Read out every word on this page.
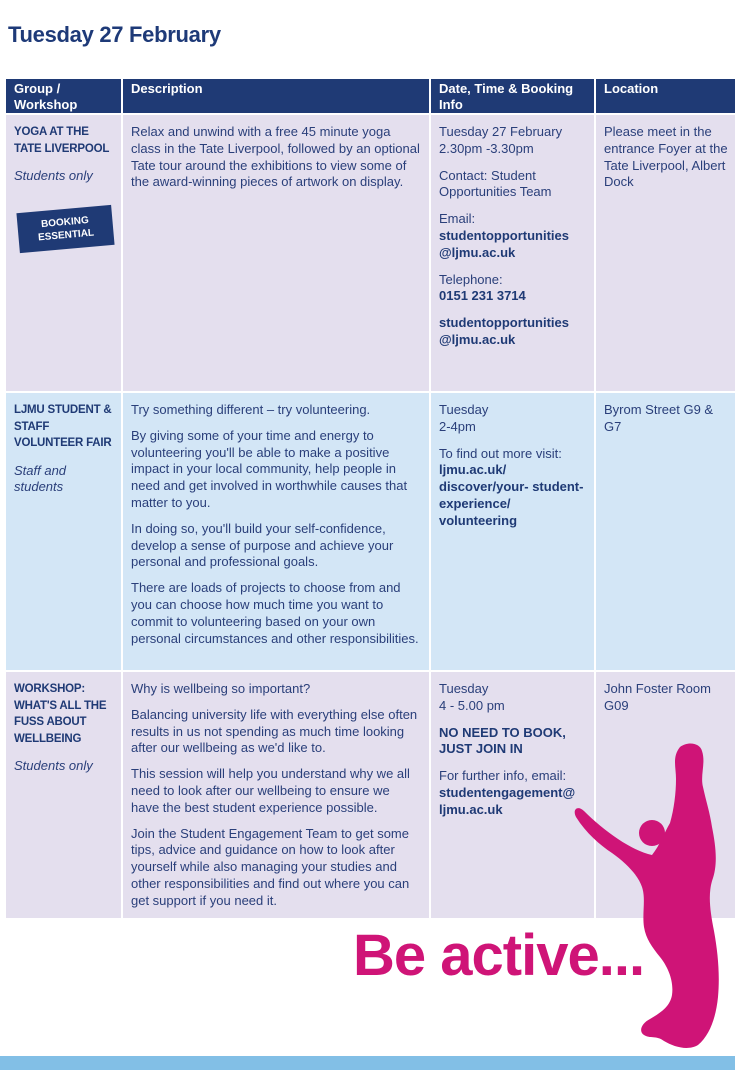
Tuesday 27 February
Group / Workshop
Description	Date, Time & Booking Info
Location
YOGA AT THE TATE LIVERPOOL
Students only
BOOKING ESSENTIAL

Relax and unwind with a free 45 minute yoga class in the Tate Liverpool, followed by an optional Tate tour around the exhibitions to view some of the award-winning pieces of artwork on display.

Tuesday 27 February
2.30pm -3.30pm
Contact: Student Opportunities Team
Email:
studentopportunities @ljmu.ac.uk
Telephone:
0151 231 3714
studentopportunities @ljmu.ac.uk
Please meet in the entrance Foyer at the Tate Liverpool, Albert Dock
LJMU STUDENT & STAFF VOLUNTEER FAIR
Staff and students

Try something different – try volunteering.

By giving some of your time and energy to volunteering you'll be able to make a positive impact in your local community, help people in need and get involved in worthwhile causes that matter to you.

In doing so, you'll build your self-confidence, develop a sense of purpose and achieve your personal and professional goals.

There are loads of projects to choose from and you can choose how much time you want to commit to volunteering based on your own personal circumstances and other responsibilities.

Tuesday
2-4pm
To find out more visit: ljmu.ac.uk/ discover/your- student-experience/ volunteering
Byrom Street G9 & G7
WORKSHOP: WHAT'S ALL THE FUSS ABOUT WELLBEING
Students only

Why is wellbeing so important?

Balancing university life with everything else often results in us not spending as much time looking after our wellbeing as we'd like to.

This session will help you understand why we all need to look after our wellbeing to ensure we have the best student experience possible.

Join the Student Engagement Team to get some tips, advice and guidance on how to look after yourself while also managing your studies and other responsibilities and find out where you can get support if you need it.

Tuesday
4 - 5.00 pm
NO NEED TO BOOK, JUST JOIN IN
For further info, email:
studentengagement@ ljmu.ac.uk
John Foster Room G09

Be active...
